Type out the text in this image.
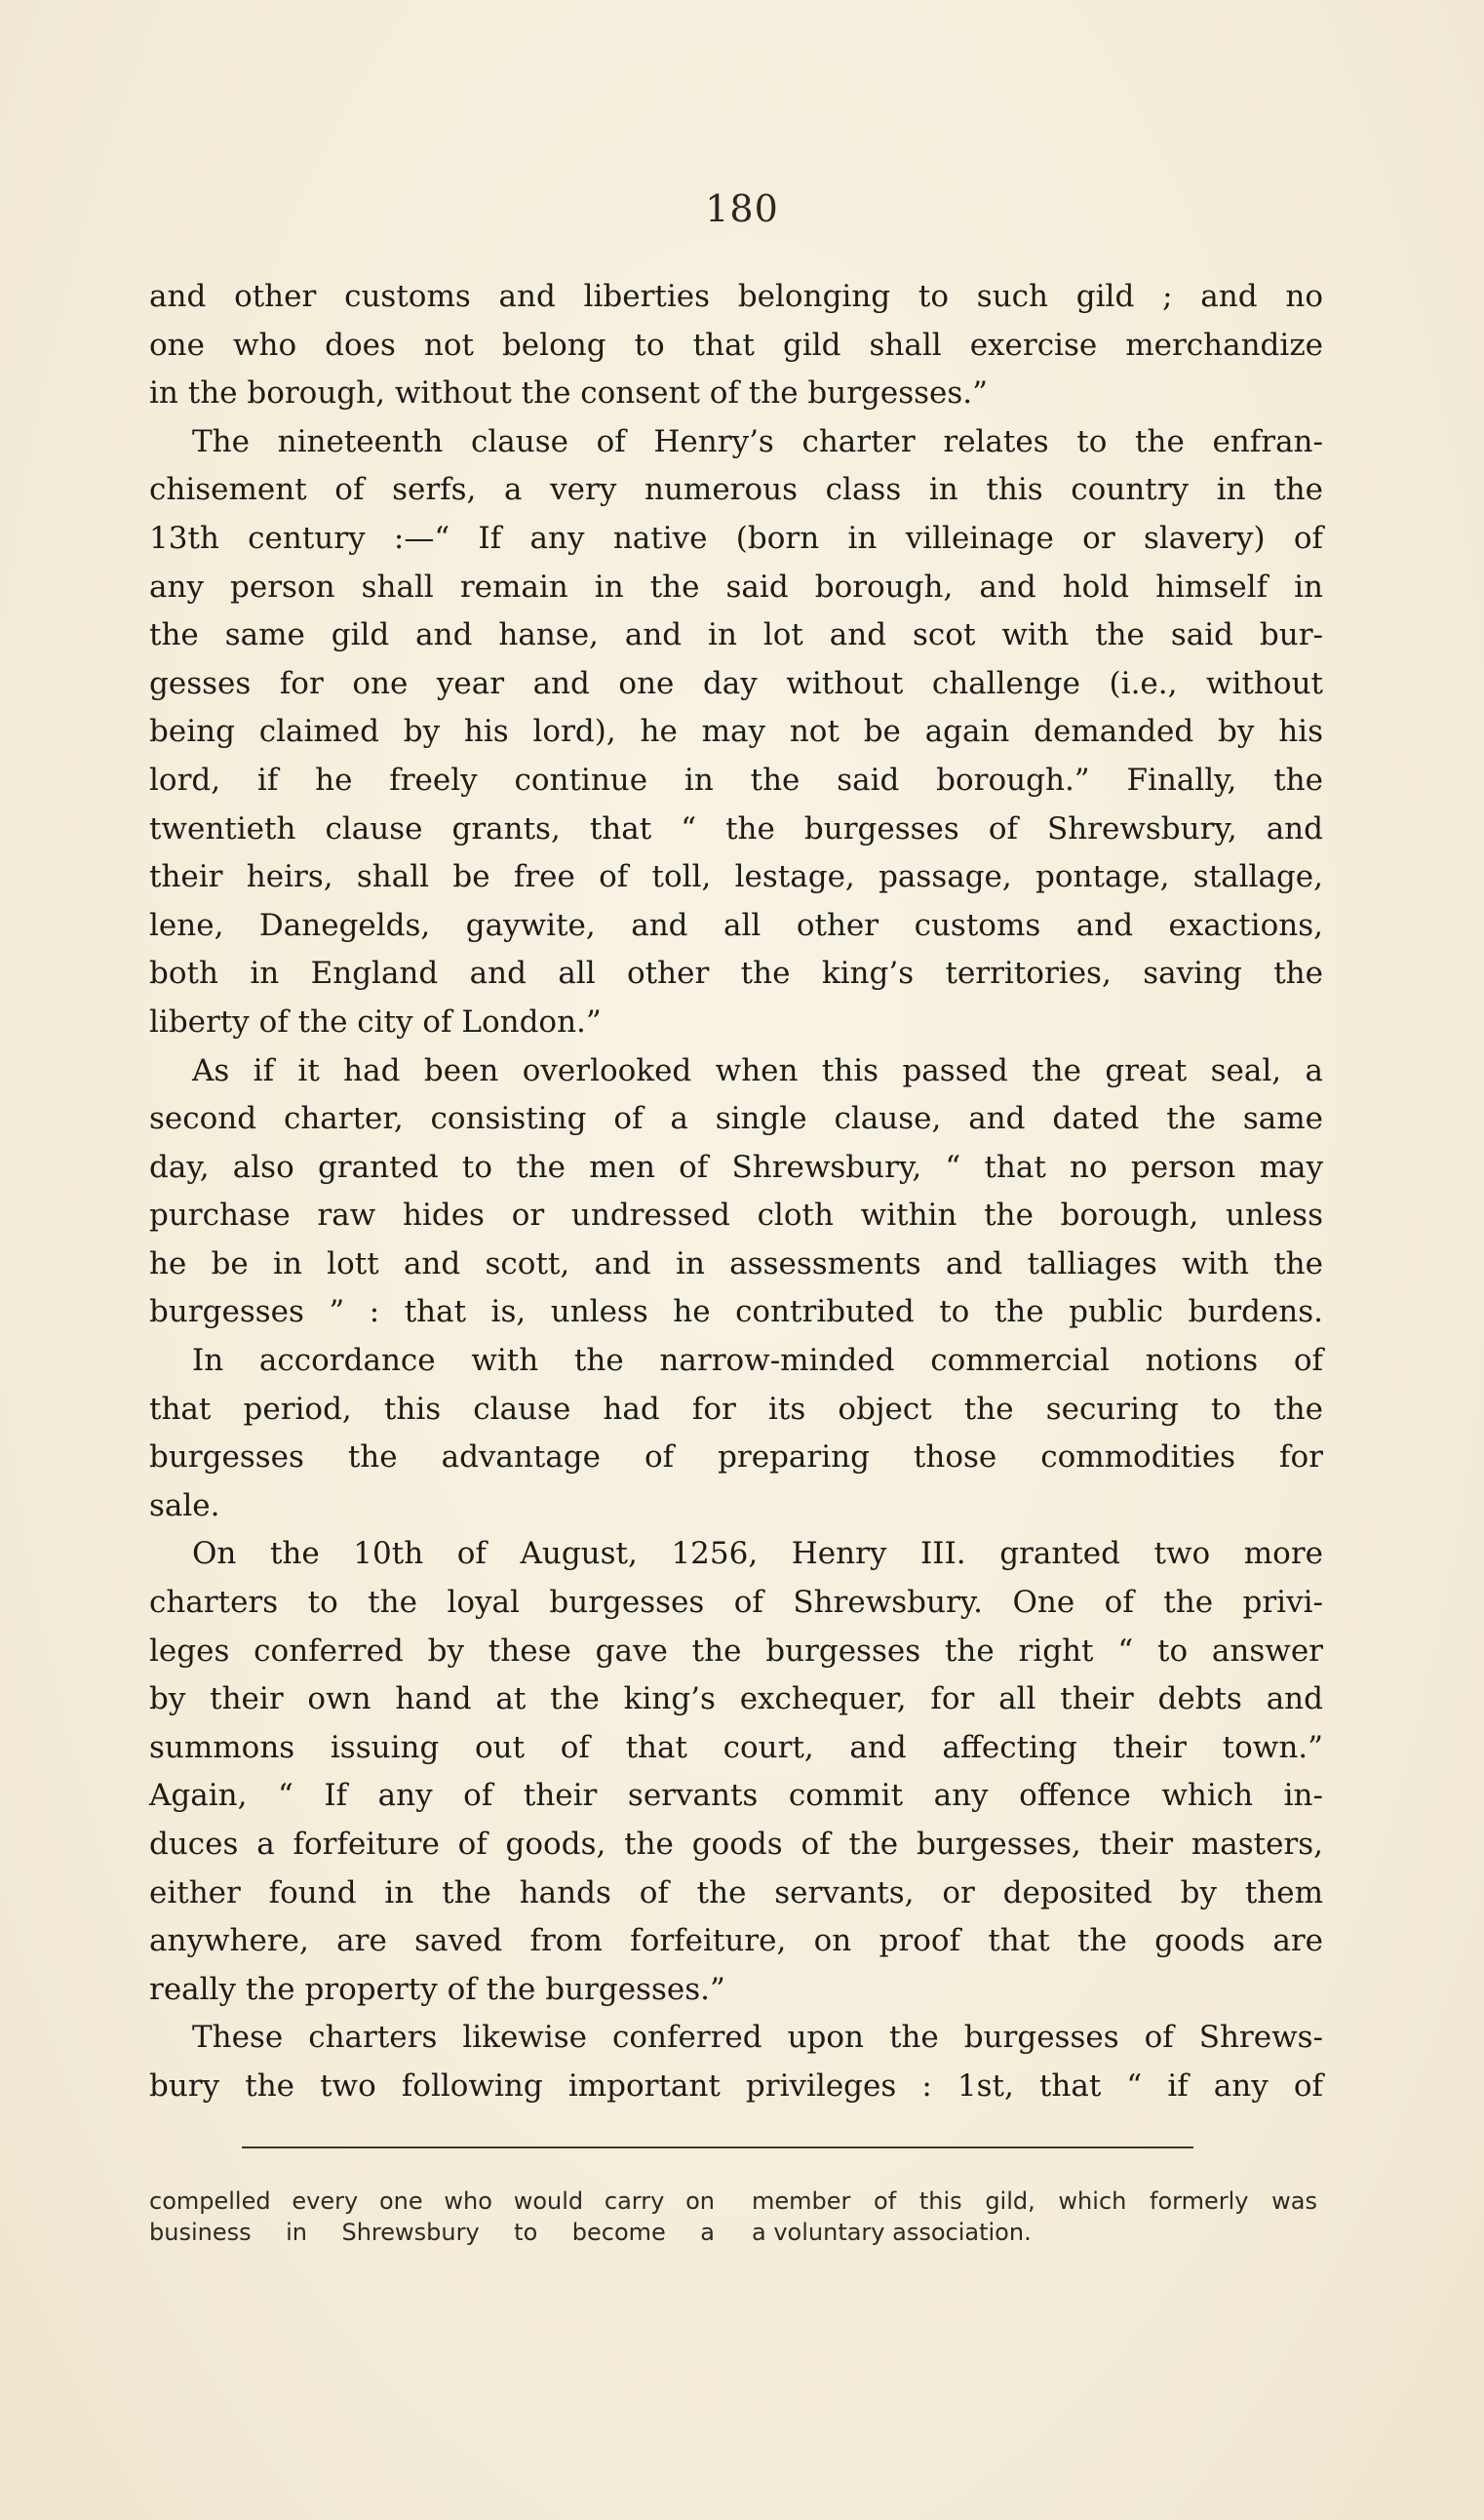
180
and other customs and liberties belonging to such gild ; and no
one who does not belong to that gild shall exercise merchandize
in the borough, without the consent of the burgesses.”
The nineteenth clause of Henry’s charter relates to the enfran-
chisement of serfs, a very numerous class in this country in the
13th century :—“ If any native (born in villeinage or slavery) of
any person shall remain in the said borough, and hold himself in
the same gild and hanse, and in lot and scot with the said bur-
gesses for one year and one day without challenge (i.e., without
being claimed by his lord), he may not be again demanded by his
lord, if he freely continue in the said borough.” Finally, the
twentieth clause grants, that “ the burgesses of Shrewsbury, and
their heirs, shall be free of toll, lestage, passage, pontage, stallage,
lene, Danegelds, gaywite, and all other customs and exactions,
both in England and all other the king’s territories, saving the
liberty of the city of London.”
As if it had been overlooked when this passed the great seal, a
second charter, consisting of a single clause, and dated the same
day, also granted to the men of Shrewsbury, “ that no person may
purchase raw hides or undressed cloth within the borough, unless
he be in lott and scott, and in assessments and talliages with the
burgesses ” : that is, unless he contributed to the public burdens.
In accordance with the narrow-minded commercial notions of
that period, this clause had for its object the securing to the
burgesses the advantage of preparing those commodities for
sale.
On the 10th of August, 1256, Henry III. granted two more
charters to the loyal burgesses of Shrewsbury. One of the privi-
leges conferred by these gave the burgesses the right “ to answer
by their own hand at the king’s exchequer, for all their debts and
summons issuing out of that court, and affecting their town.”
Again, “ If any of their servants commit any offence which in-
duces a forfeiture of goods, the goods of the burgesses, their masters,
either found in the hands of the servants, or deposited by them
anywhere, are saved from forfeiture, on proof that the goods are
really the property of the burgesses.”
These charters likewise conferred upon the burgesses of Shrews-
bury the two following important privileges : 1st, that “ if any of
compelled every one who would carry on
business in Shrewsbury to become a
member of this gild, which formerly was
a voluntary association.
